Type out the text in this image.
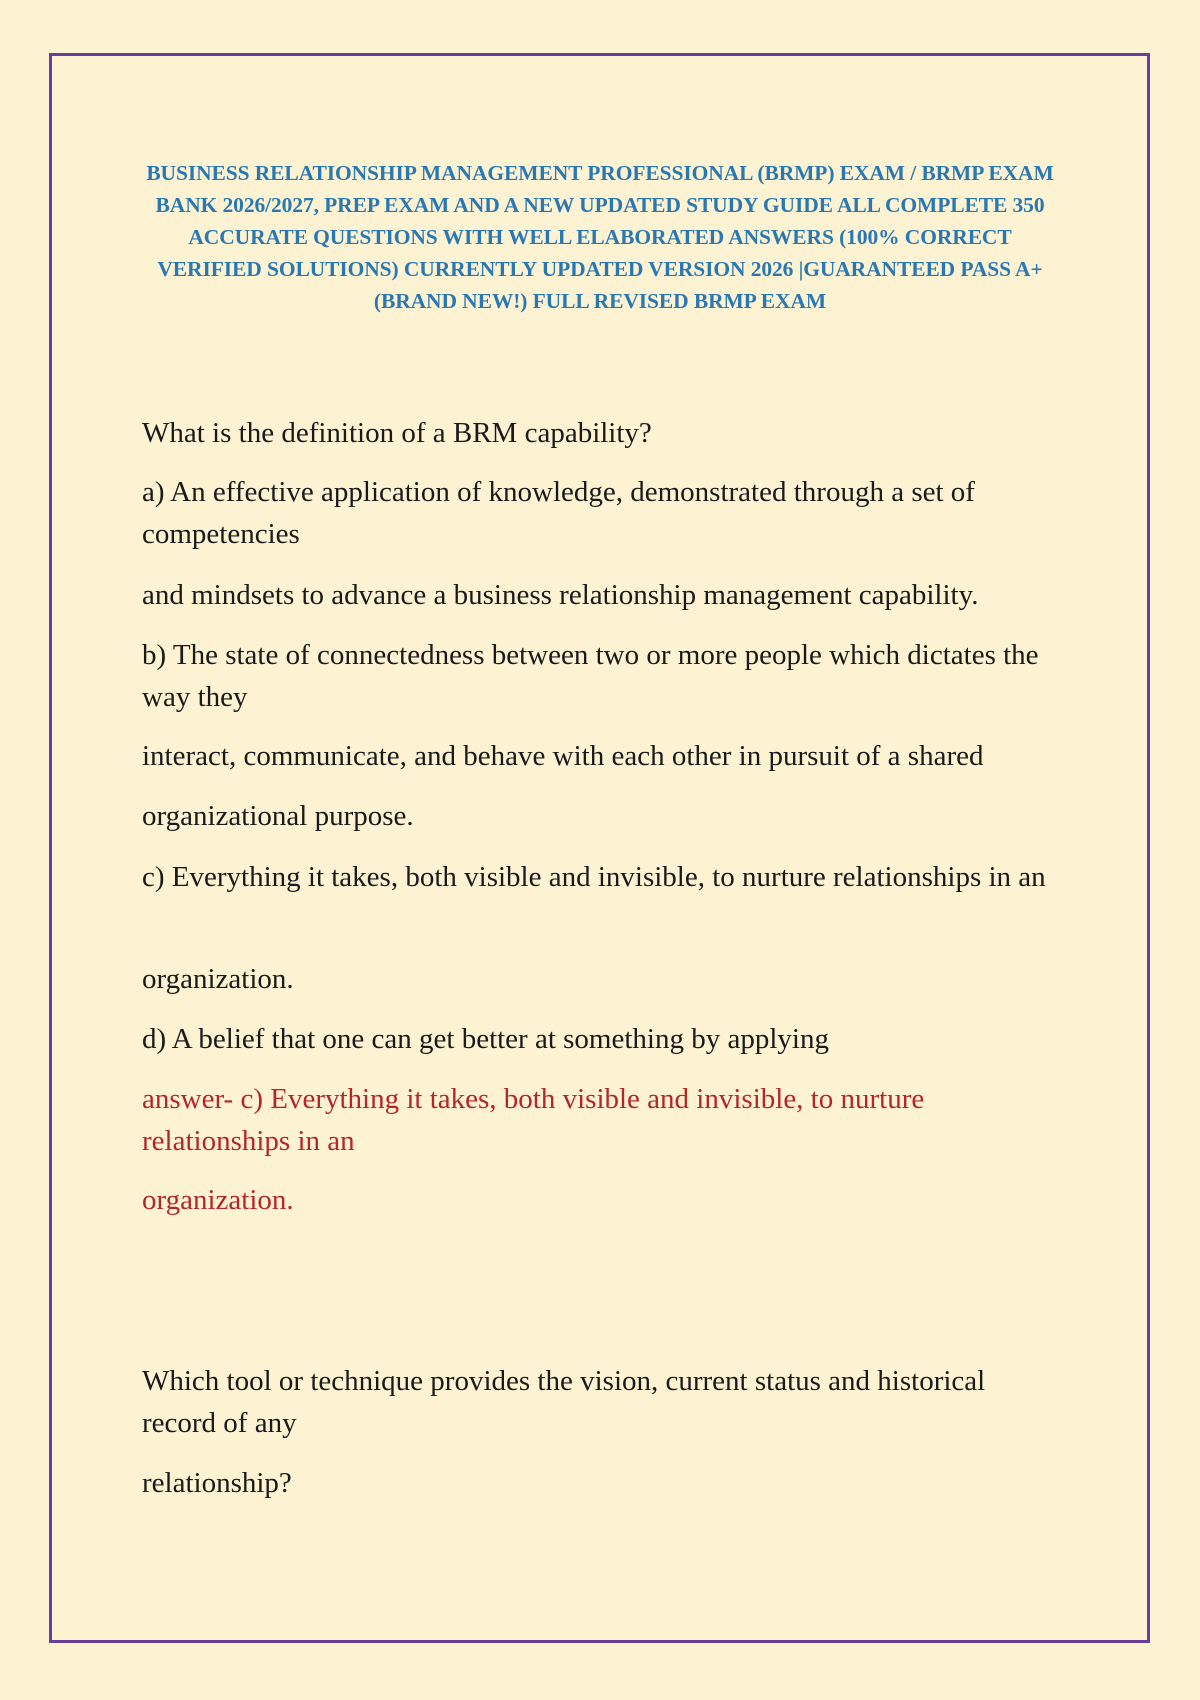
BUSINESS RELATIONSHIP MANAGEMENT PROFESSIONAL (BRMP) EXAM / BRMP EXAM BANK 2026/2027, PREP EXAM AND A NEW UPDATED STUDY GUIDE ALL COMPLETE 350 ACCURATE QUESTIONS WITH WELL ELABORATED ANSWERS (100% CORRECT VERIFIED SOLUTIONS) CURRENTLY UPDATED VERSION 2026 |GUARANTEED PASS A+ (BRAND NEW!) FULL REVISED BRMP EXAM

What is the definition of a BRM capability?

a) An effective application of knowledge, demonstrated through a set of competencies

and mindsets to advance a business relationship management capability.

b) The state of connectedness between two or more people which dictates the way they

interact, communicate, and behave with each other in pursuit of a shared

organizational purpose.

c) Everything it takes, both visible and invisible, to nurture relationships in an

organization.

d) A belief that one can get better at something by applying

answer- c) Everything it takes, both visible and invisible, to nurture relationships in an

organization.

Which tool or technique provides the vision, current status and historical record of any

relationship?
